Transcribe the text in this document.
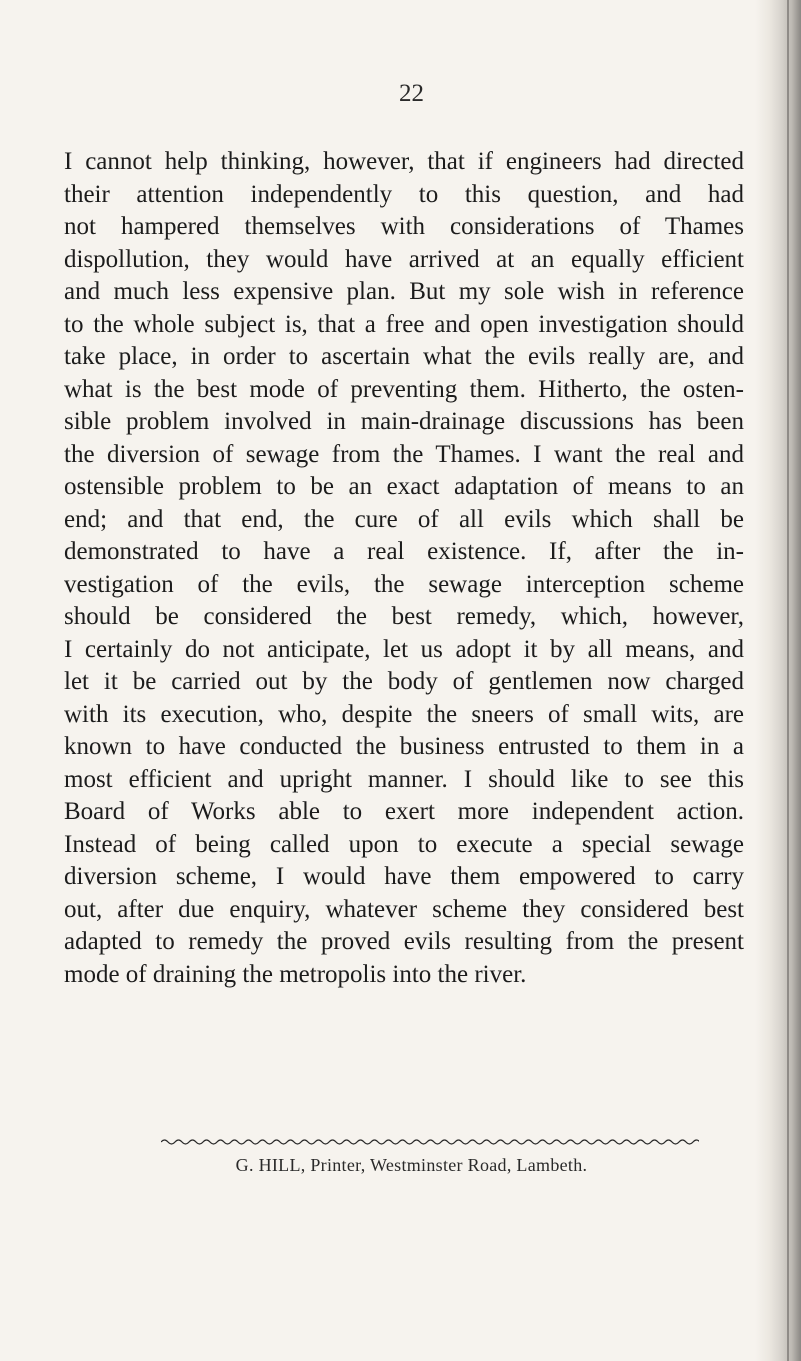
22
I cannot help thinking, however, that if engineers had directed
their attention independently to this question, and had
not hampered themselves with considerations of Thames
dispollution, they would have arrived at an equally efficient
and much less expensive plan. But my sole wish in reference
to the whole subject is, that a free and open investigation should
take place, in order to ascertain what the evils really are, and
what is the best mode of preventing them. Hitherto, the osten-
sible problem involved in main-drainage discussions has been
the diversion of sewage from the Thames. I want the real and
ostensible problem to be an exact adaptation of means to an
end; and that end, the cure of all evils which shall be
demonstrated to have a real existence. If, after the in-
vestigation of the evils, the sewage interception scheme
should be considered the best remedy, which, however,
I certainly do not anticipate, let us adopt it by all means, and
let it be carried out by the body of gentlemen now charged
with its execution, who, despite the sneers of small wits, are
known to have conducted the business entrusted to them in a
most efficient and upright manner. I should like to see this
Board of Works able to exert more independent action.
Instead of being called upon to execute a special sewage
diversion scheme, I would have them empowered to carry
out, after due enquiry, whatever scheme they considered best
adapted to remedy the proved evils resulting from the present
mode of draining the metropolis into the river.
G. HILL, Printer, Westminster Road, Lambeth.
